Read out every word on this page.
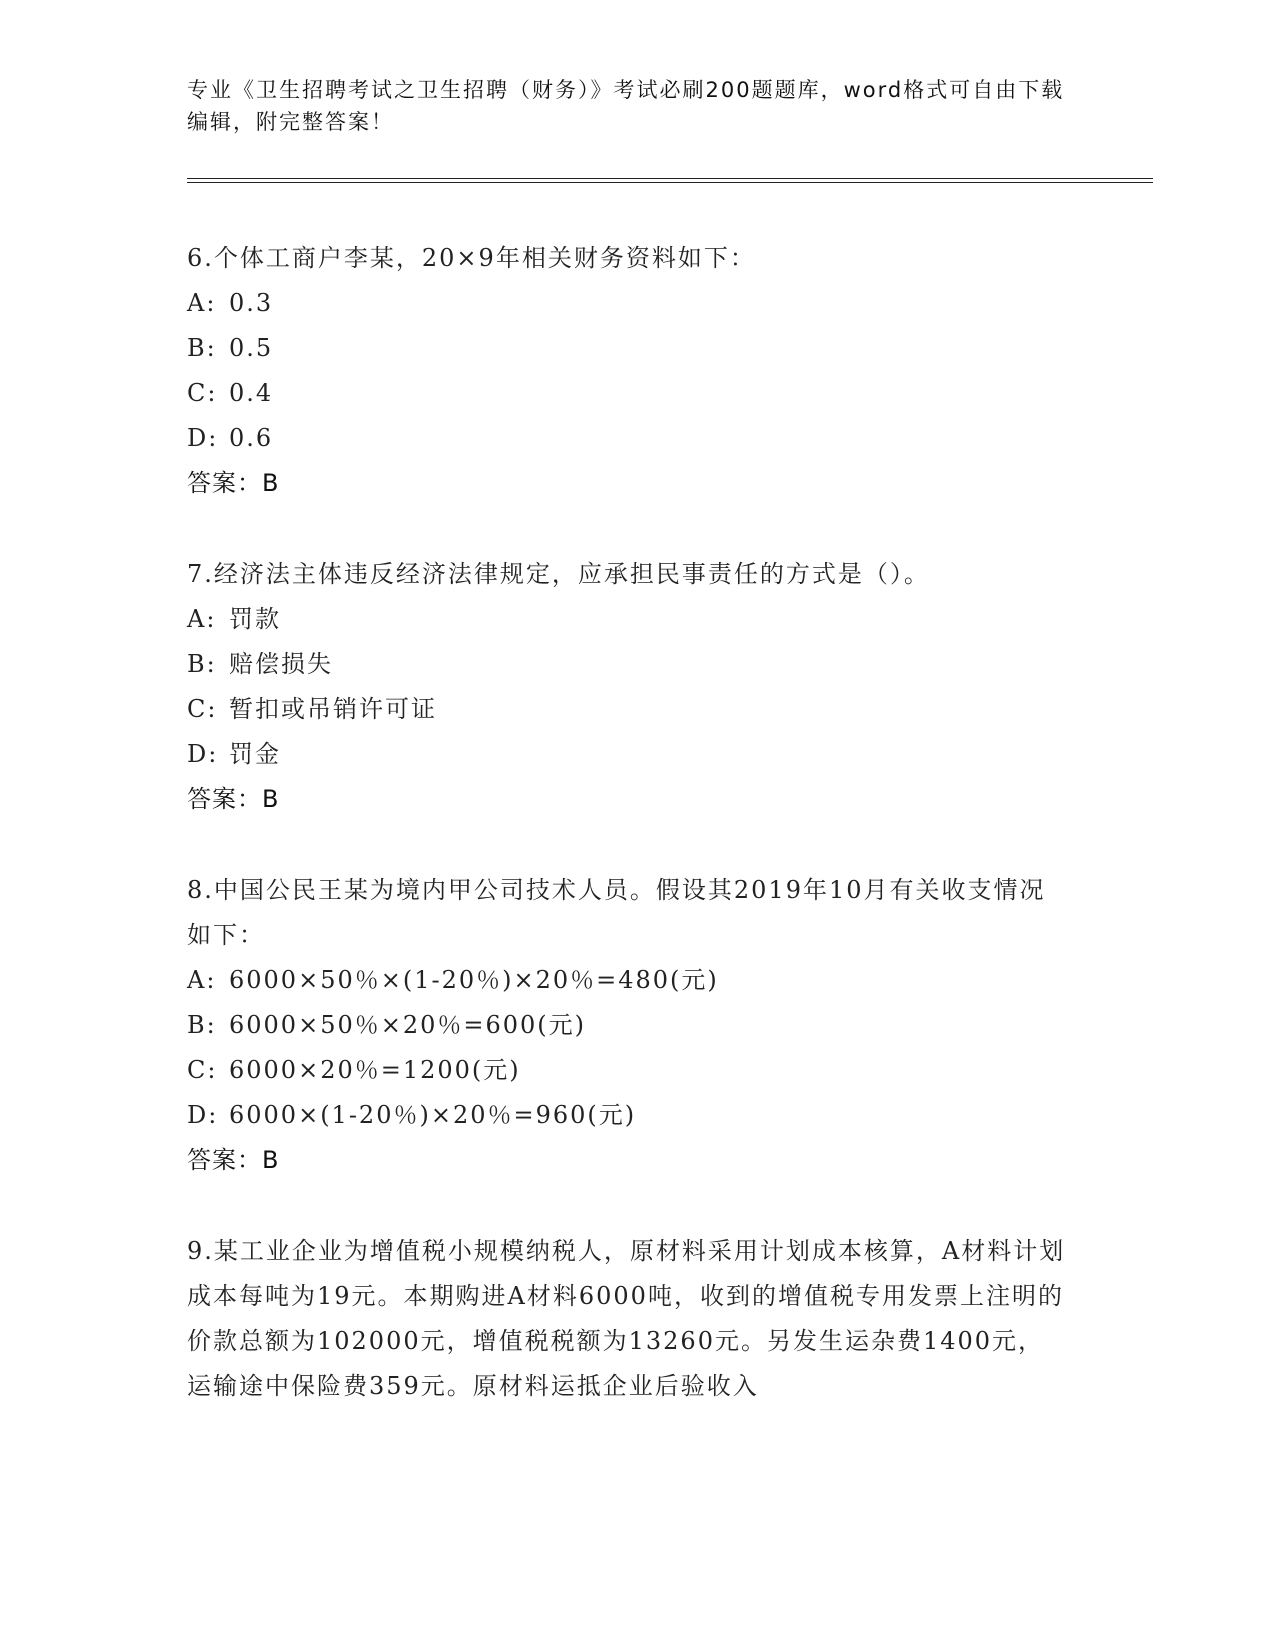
专业《卫生招聘考试之卫生招聘（财务）》考试必刷200题题库，word格式可自由下载编辑，附完整答案！
6.个体工商户李某，20×9年相关财务资料如下：
A: 0.3
B: 0.5
C: 0.4
D: 0.6
答案：B
7.经济法主体违反经济法律规定，应承担民事责任的方式是（）。
A: 罚款
B: 赔偿损失
C: 暂扣或吊销许可证
D: 罚金
答案：B
8.中国公民王某为境内甲公司技术人员。假设其2019年10月有关收支情况如下：
A: 6000×50％×(1-20％)×20％=480(元)
B: 6000×50％×20％=600(元)
C: 6000×20％=1200(元)
D: 6000×(1-20％)×20％=960(元)
答案：B
9.某工业企业为增值税小规模纳税人，原材料采用计划成本核算，A材料计划成本每吨为19元。本期购进A材料6000吨，收到的增值税专用发票上注明的价款总额为102000元，增值税税额为13260元。另发生运杂费1400元，运输途中保险费359元。原材料运抵企业后验收入
